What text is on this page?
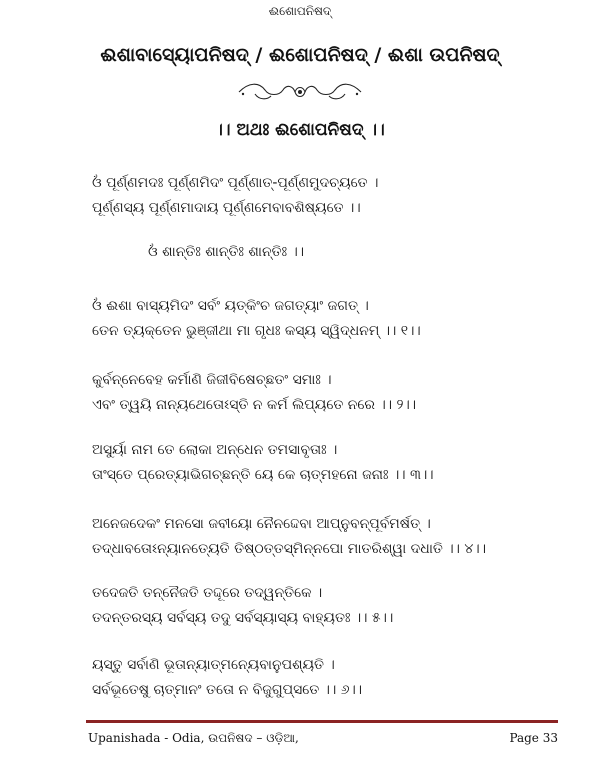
ଈଶୋପନିଷଦ୍
ଈଶାବାସ୍ୟୋପନିଷଦ୍ / ଈଶୋପନିଷଦ୍ / ଈଶା ଉପନିଷଦ୍
।। ଅଥଃ ଈଶୋପନିଷଦ୍ ।।
ଓଁ ପୂର୍ଣ୍ଣମଦଃ ପୂର୍ଣ୍ଣମିଦଂ ପୂର୍ଣ୍ଣାତ୍-ପୂର୍ଣ୍ଣମୁଦଚ୍ୟତେ ।
ପୂର୍ଣ୍ଣସ୍ୟ ପୂର୍ଣ୍ଣମାଦାୟ ପୂର୍ଣ୍ଣମେବାବଶିଷ୍ୟତେ ।।
ଓଁ ଶାନ୍ତିଃ ଶାନ୍ତିଃ ଶାନ୍ତିଃ ।।
ଓଁ ଈଶା ବାସ୍ୟମିଦଂ ସର୍ବଂ ୟତ୍କିଂଚ ଜଗତ୍ୟାଂ ଜଗତ୍ ।
ତେନ ତ୍ୟକ୍ତେନ ଭୁଞ୍ଜୀଥା ମା ଗୃଧଃ କସ୍ୟ ସ୍ୱିଦ୍ଧନମ୍ ।। ୧।।
କୁର୍ବନ୍ନେବେହ କର୍ମାଣି ଜିଜୀବିଷେଚ୍ଛତଂ ସମାଃ ।
ଏବଂ ତ୍ୱୟି ନାନ୍ୟଥେତୋଽସ୍ତି ନ କର୍ମ ଲିପ୍ୟତେ ନରେ ।। ୨।।
ଅସୁର୍ୟା ନାମ ତେ ଲୋକା ଅନ୍ଧେନ ତମସାବୃତାଃ ।
ତାଂସ୍ତେ ପ୍ରେତ୍ୟାଭିଗଚ୍ଛନ୍ତି ୟେ କେ ଚାତ୍ମହନୋ ଜନାଃ ।। ୩।।
ଅନେଜଦେକଂ ମନସୋ ଜବୀୟୋ ନୈନଦ୍ଦେବା ଆପ୍ନୁବନ୍ପୂର୍ବମର୍ଷତ୍ ।
ତଦ୍ଧାବତୋଽନ୍ୟାନତ୍ୟେତି ତିଷ୍ଠତ୍ତସ୍ମିନ୍ନପୋ ମାତରିଶ୍ୱା ଦଧାତି ।। ୪।।
ତଦେଜତି ତନ୍ନୈଜତି ତଦ୍ଦୂରେ ତଦ୍ୱନ୍ତିକେ ।
ତଦନ୍ତରସ୍ୟ ସର୍ବସ୍ୟ ତଦୁ ସର୍ବସ୍ୟାସ୍ୟ ବାହ୍ୟତଃ ।। ୫।।
ୟସ୍ତୁ ସର୍ବାଣି ଭୂତାନ୍ୟାତ୍ମନ୍ୟେବାନୁପଶ୍ୟତି ।
ସର୍ବଭୂତେଷୁ ଚାତ୍ମାନଂ ତତୋ ନ ବିଜୁଗୁପ୍ସତେ ।। ୬।।
Upanishada - Odia, ଉପନିଷଦ – ଓଡ଼ିଆ,	Page 33
